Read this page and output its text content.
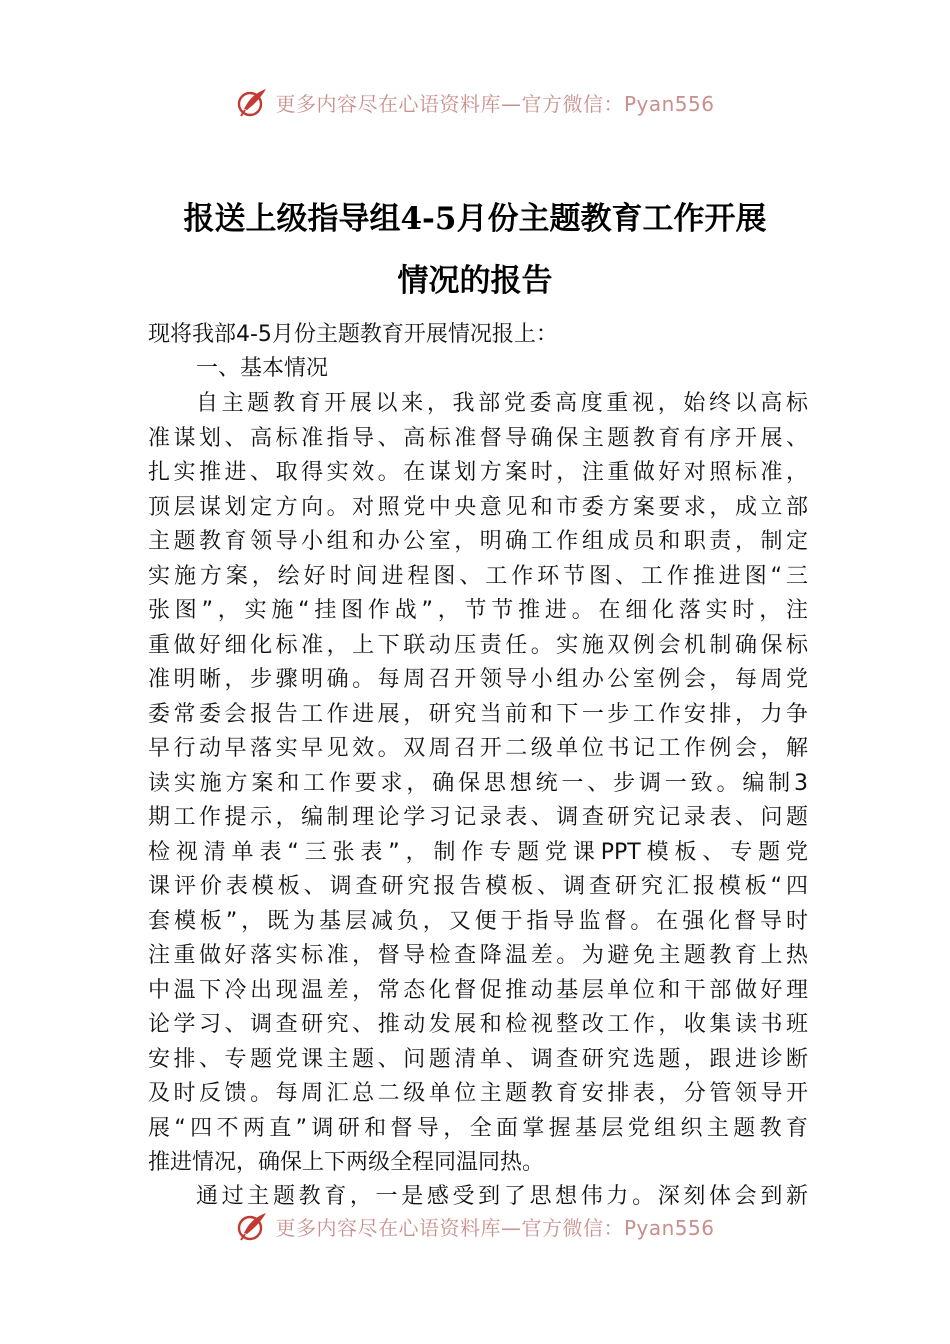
更多内容尽在心语资料库—官方微信：Pyan556
报送上级指导组4-5月份主题教育工作开展
情况的报告
现将我部4-5月份主题教育开展情况报上：
一、基本情况
自主题教育开展以来，我部党委高度重视，始终以高标
准谋划、高标准指导、高标准督导确保主题教育有序开展、
扎实推进、取得实效。在谋划方案时，注重做好对照标准，
顶层谋划定方向。对照党中央意见和市委方案要求，成立部
主题教育领导小组和办公室，明确工作组成员和职责，制定
实施方案，绘好时间进程图、工作环节图、工作推进图“三
张图”，实施“挂图作战”，节节推进。在细化落实时，注
重做好细化标准，上下联动压责任。实施双例会机制确保标
准明晰，步骤明确。每周召开领导小组办公室例会，每周党
委常委会报告工作进展，研究当前和下一步工作安排，力争
早行动早落实早见效。双周召开二级单位书记工作例会，解
读实施方案和工作要求，确保思想统一、步调一致。编制3
期工作提示，编制理论学习记录表、调查研究记录表、问题
检视清单表“三张表”，制作专题党课PPT模板、专题党
课评价表模板、调查研究报告模板、调查研究汇报模板“四
套模板”，既为基层减负，又便于指导监督。在强化督导时
注重做好落实标准，督导检查降温差。为避免主题教育上热
中温下冷出现温差，常态化督促推动基层单位和干部做好理
论学习、调查研究、推动发展和检视整改工作，收集读书班
安排、专题党课主题、问题清单、调查研究选题，跟进诊断
及时反馈。每周汇总二级单位主题教育安排表，分管领导开
展“四不两直”调研和督导，全面掌握基层党组织主题教育
推进情况，确保上下两级全程同温同热。
通过主题教育，一是感受到了思想伟力。深刻体会到新
更多内容尽在心语资料库—官方微信：Pyan556
